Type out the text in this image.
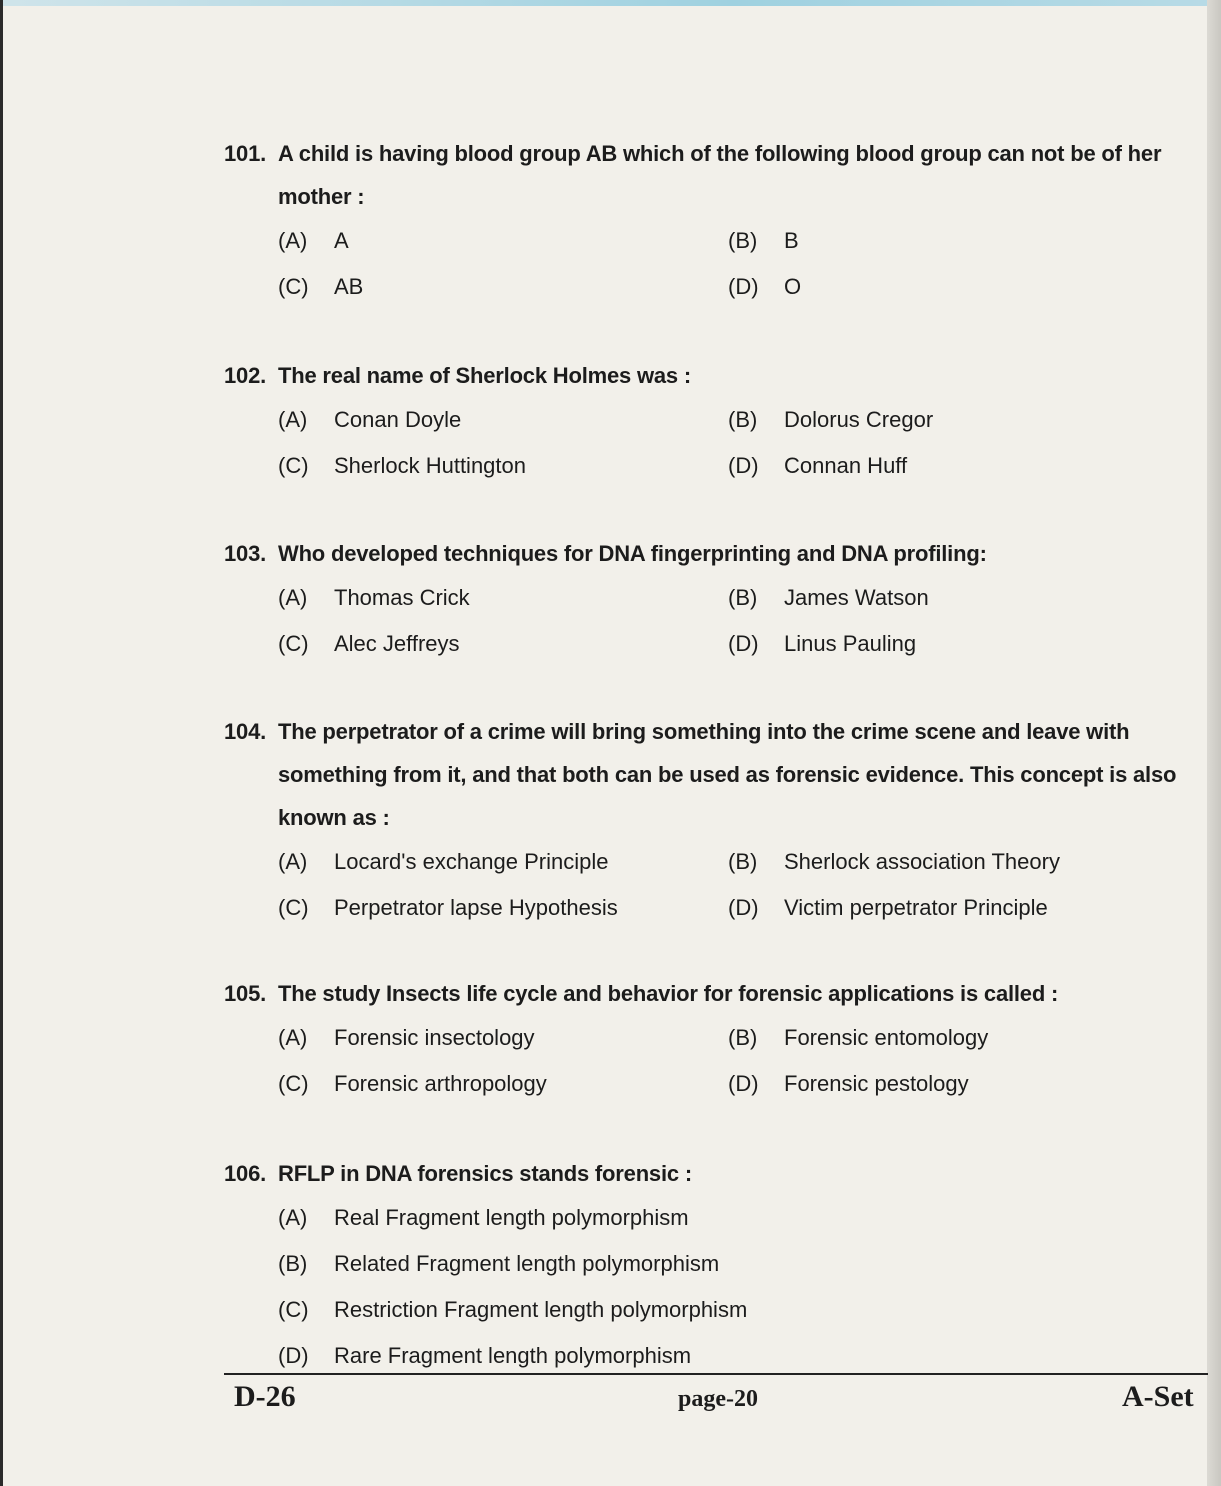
101. A child is having blood group AB which of the following blood group can not be of her mother :
(A) A	(B) B
(C) AB	(D) O
102. The real name of Sherlock Holmes was :
(A) Conan Doyle	(B) Dolorus Cregor
(C) Sherlock Huttington	(D) Connan Huff
103. Who developed techniques for DNA fingerprinting and DNA profiling:
(A) Thomas Crick	(B) James Watson
(C) Alec Jeffreys	(D) Linus Pauling
104. The perpetrator of a crime will bring something into the crime scene and leave with something from it, and that both can be used as forensic evidence. This concept is also known as :
(A) Locard's exchange Principle	(B) Sherlock association Theory
(C) Perpetrator lapse Hypothesis	(D) Victim perpetrator Principle
105. The study Insects life cycle and behavior for forensic applications is called :
(A) Forensic insectology	(B) Forensic entomology
(C) Forensic arthropology	(D) Forensic pestology
106. RFLP in DNA forensics stands forensic :
(A) Real Fragment length polymorphism
(B) Related Fragment length polymorphism
(C) Restriction Fragment length polymorphism
(D) Rare Fragment length polymorphism
D-26	page-20	A-Set
